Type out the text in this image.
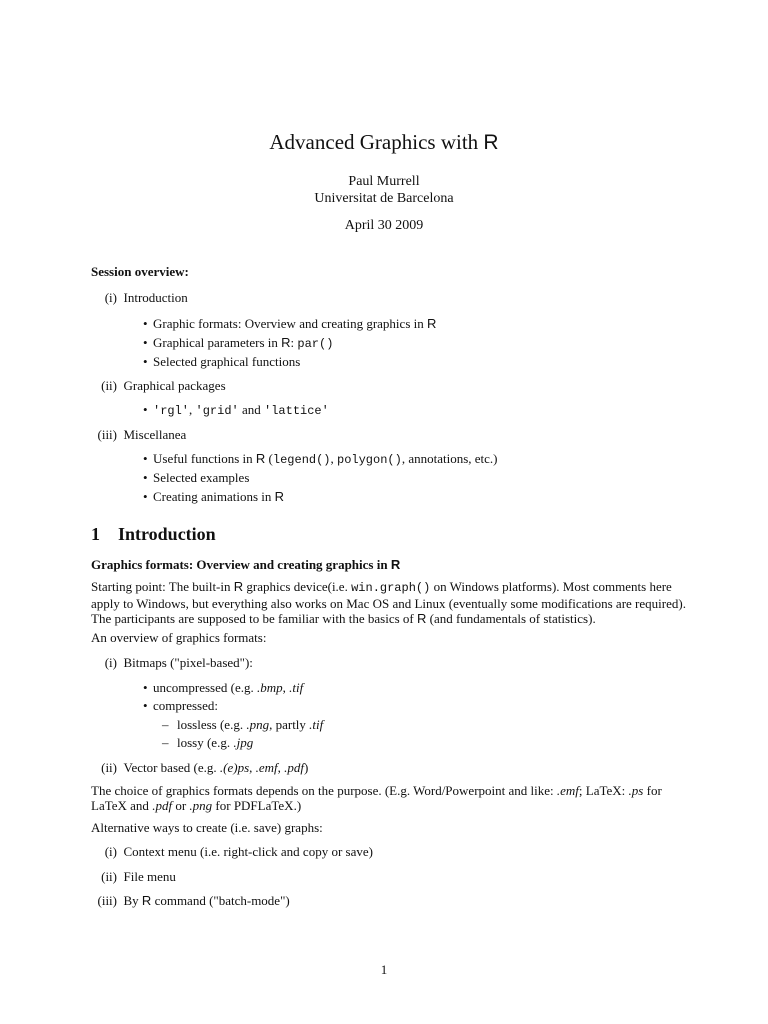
Advanced Graphics with R
Paul Murrell
Universitat de Barcelona
April 30 2009
Session overview:
(i) Introduction
• Graphic formats: Overview and creating graphics in R
• Graphical parameters in R: par()
• Selected graphical functions
(ii) Graphical packages
• 'rgl', 'grid' and 'lattice'
(iii) Miscellanea
• Useful functions in R (legend(), polygon(), annotations, etc.)
• Selected examples
• Creating animations in R
1 Introduction
Graphics formats: Overview and creating graphics in R
Starting point: The built-in R graphics device(i.e. win.graph() on Windows platforms). Most comments here apply to Windows, but everything also works on Mac OS and Linux (eventually some modifications are required). The participants are supposed to be familiar with the basics of R (and fundamentals of statistics).
An overview of graphics formats:
(i) Bitmaps ("pixel-based"):
• uncompressed (e.g. .bmp, .tif
• compressed:
– lossless (e.g. .png, partly .tif
– lossy (e.g. .jpg
(ii) Vector based (e.g. .(e)ps, .emf, .pdf)
The choice of graphics formats depends on the purpose. (E.g. Word/Powerpoint and like: .emf; LaTeX: .ps for LaTeX and .pdf or .png for PDFLaTeX.)
Alternative ways to create (i.e. save) graphs:
(i) Context menu (i.e. right-click and copy or save)
(ii) File menu
(iii) By R command ("batch-mode")
1
